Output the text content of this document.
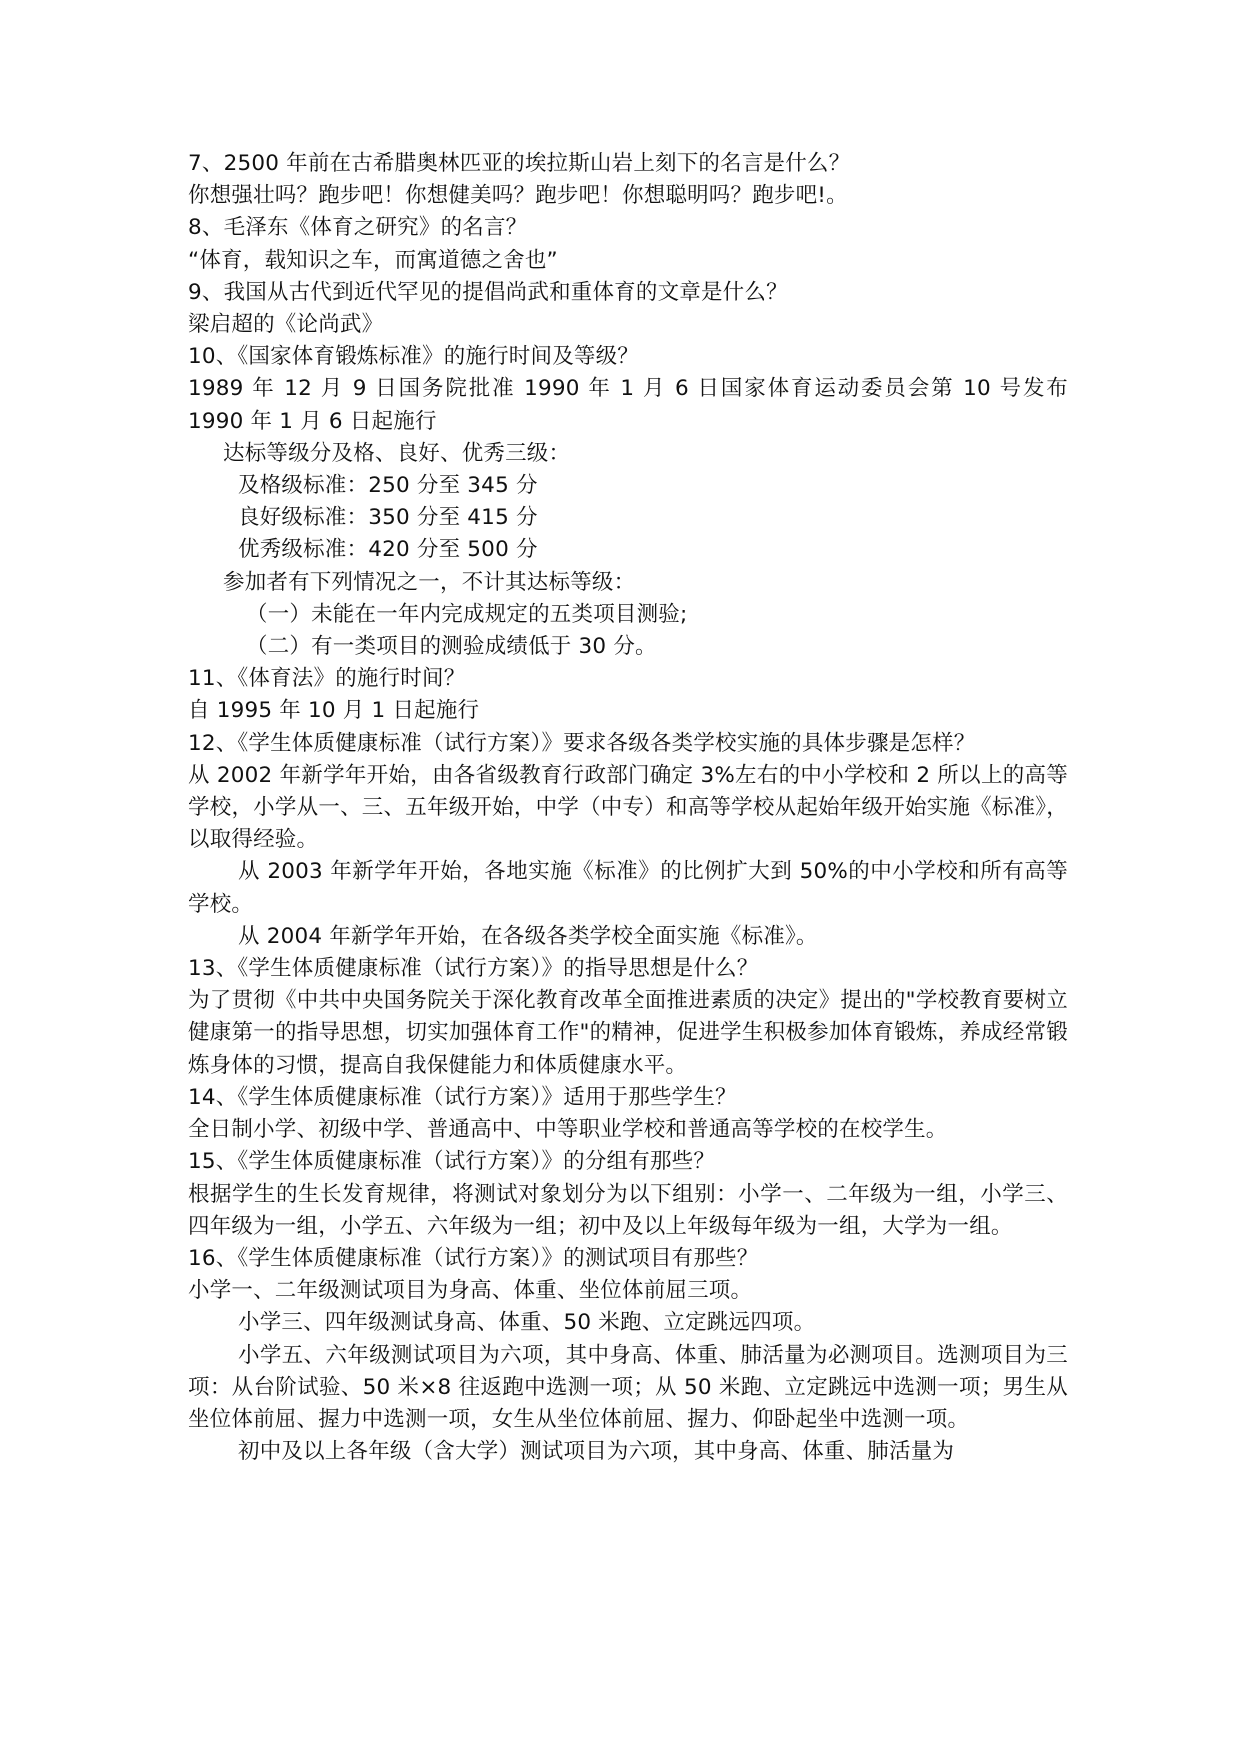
7、2500 年前在古希腊奥林匹亚的埃拉斯山岩上刻下的名言是什么？

你想强壮吗？跑步吧！你想健美吗？跑步吧！你想聪明吗？跑步吧!。

8、毛泽东《体育之研究》的名言？

“体育，载知识之车，而寓道德之舍也”

9、我国从古代到近代罕见的提倡尚武和重体育的文章是什么？

梁启超的《论尚武》

10、《国家体育锻炼标准》的施行时间及等级？

1989 年 12 月 9 日国务院批准 1990 年 1 月 6 日国家体育运动委员会第 10 号发布 1990 年 1 月 6 日起施行

达标等级分及格、良好、优秀三级：

及格级标准：250 分至 345 分

良好级标准：350 分至 415 分

优秀级标准：420 分至 500 分

参加者有下列情况之一，不计其达标等级：

（一）未能在一年内完成规定的五类项目测验;

（二）有一类项目的测验成绩低于 30 分。

11、《体育法》的施行时间？

自 1995 年 10 月 1 日起施行

12、《学生体质健康标准（试行方案）》要求各级各类学校实施的具体步骤是怎样？

从 2002 年新学年开始，由各省级教育行政部门确定 3%左右的中小学校和 2 所以上的高等学校，小学从一、三、五年级开始，中学（中专）和高等学校从起始年级开始实施《标准》，以取得经验。

从 2003 年新学年开始，各地实施《标准》的比例扩大到 50%的中小学校和所有高等学校。

从 2004 年新学年开始，在各级各类学校全面实施《标准》。

13、《学生体质健康标准（试行方案）》的指导思想是什么？

为了贯彻《中共中央国务院关于深化教育改革全面推进素质的决定》提出的"学校教育要树立健康第一的指导思想，切实加强体育工作"的精神，促进学生积极参加体育锻炼，养成经常锻炼身体的习惯，提高自我保健能力和体质健康水平。

14、《学生体质健康标准（试行方案）》适用于那些学生？

全日制小学、初级中学、普通高中、中等职业学校和普通高等学校的在校学生。

15、《学生体质健康标准（试行方案）》的分组有那些？

根据学生的生长发育规律，将测试对象划分为以下组别：小学一、二年级为一组，小学三、四年级为一组，小学五、六年级为一组；初中及以上年级每年级为一组，大学为一组。

16、《学生体质健康标准（试行方案）》的测试项目有那些？

小学一、二年级测试项目为身高、体重、坐位体前屈三项。

小学三、四年级测试身高、体重、50 米跑、立定跳远四项。

小学五、六年级测试项目为六项，其中身高、体重、肺活量为必测项目。选测项目为三项：从台阶试验、50 米×8 往返跑中选测一项；从 50 米跑、立定跳远中选测一项；男生从坐位体前屈、握力中选测一项，女生从坐位体前屈、握力、仰卧起坐中选测一项。

初中及以上各年级（含大学）测试项目为六项，其中身高、体重、肺活量为
